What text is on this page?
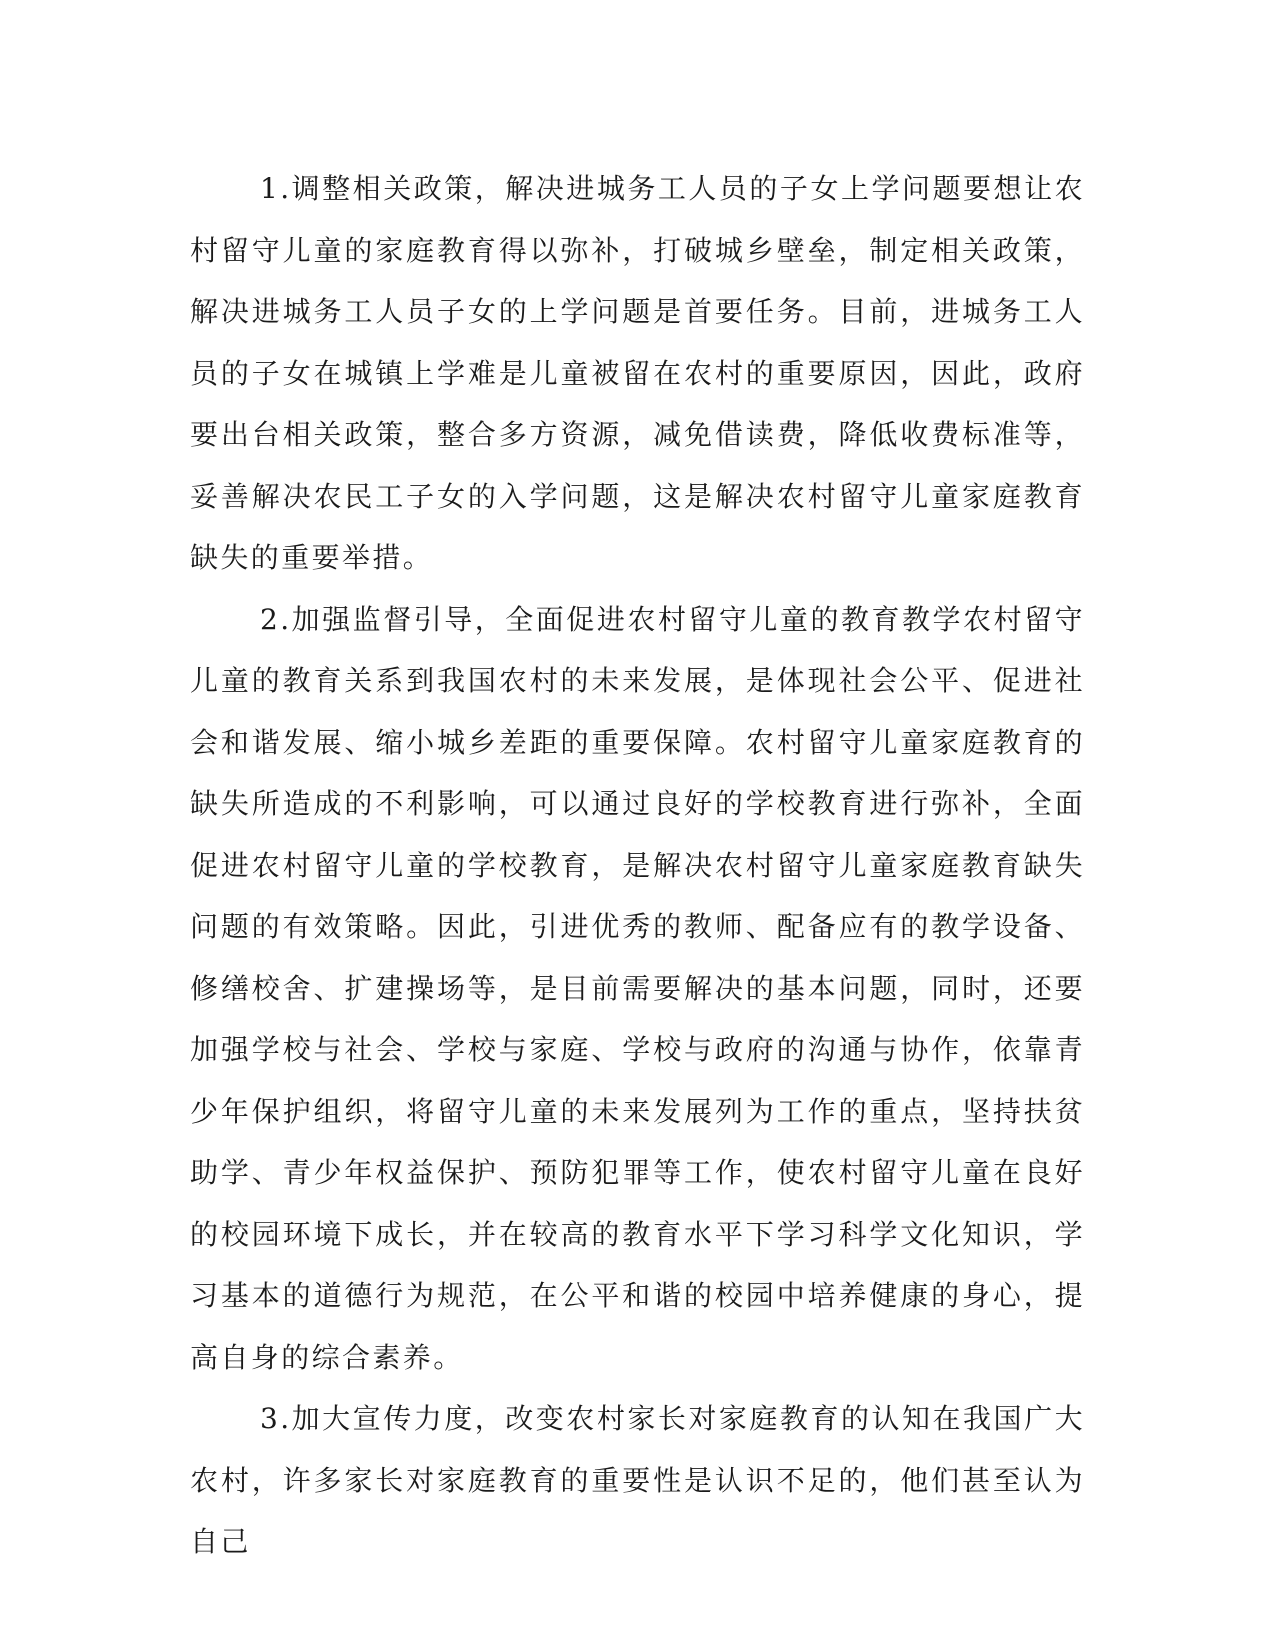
1.调整相关政策，解决进城务工人员的子女上学问题要想让农村留守儿童的家庭教育得以弥补，打破城乡壁垒，制定相关政策，解决进城务工人员子女的上学问题是首要任务。目前，进城务工人员的子女在城镇上学难是儿童被留在农村的重要原因，因此，政府要出台相关政策，整合多方资源，减免借读费，降低收费标准等，妥善解决农民工子女的入学问题，这是解决农村留守儿童家庭教育缺失的重要举措。

2.加强监督引导，全面促进农村留守儿童的教育教学农村留守儿童的教育关系到我国农村的未来发展，是体现社会公平、促进社会和谐发展、缩小城乡差距的重要保障。农村留守儿童家庭教育的缺失所造成的不利影响，可以通过良好的学校教育进行弥补，全面促进农村留守儿童的学校教育，是解决农村留守儿童家庭教育缺失问题的有效策略。因此，引进优秀的教师、配备应有的教学设备、修缮校舍、扩建操场等，是目前需要解决的基本问题，同时，还要加强学校与社会、学校与家庭、学校与政府的沟通与协作，依靠青少年保护组织，将留守儿童的未来发展列为工作的重点，坚持扶贫助学、青少年权益保护、预防犯罪等工作，使农村留守儿童在良好的校园环境下成长，并在较高的教育水平下学习科学文化知识，学习基本的道德行为规范，在公平和谐的校园中培养健康的身心，提高自身的综合素养。

3.加大宣传力度，改变农村家长对家庭教育的认知在我国广大农村，许多家长对家庭教育的重要性是认识不足的，他们甚至认为自己
